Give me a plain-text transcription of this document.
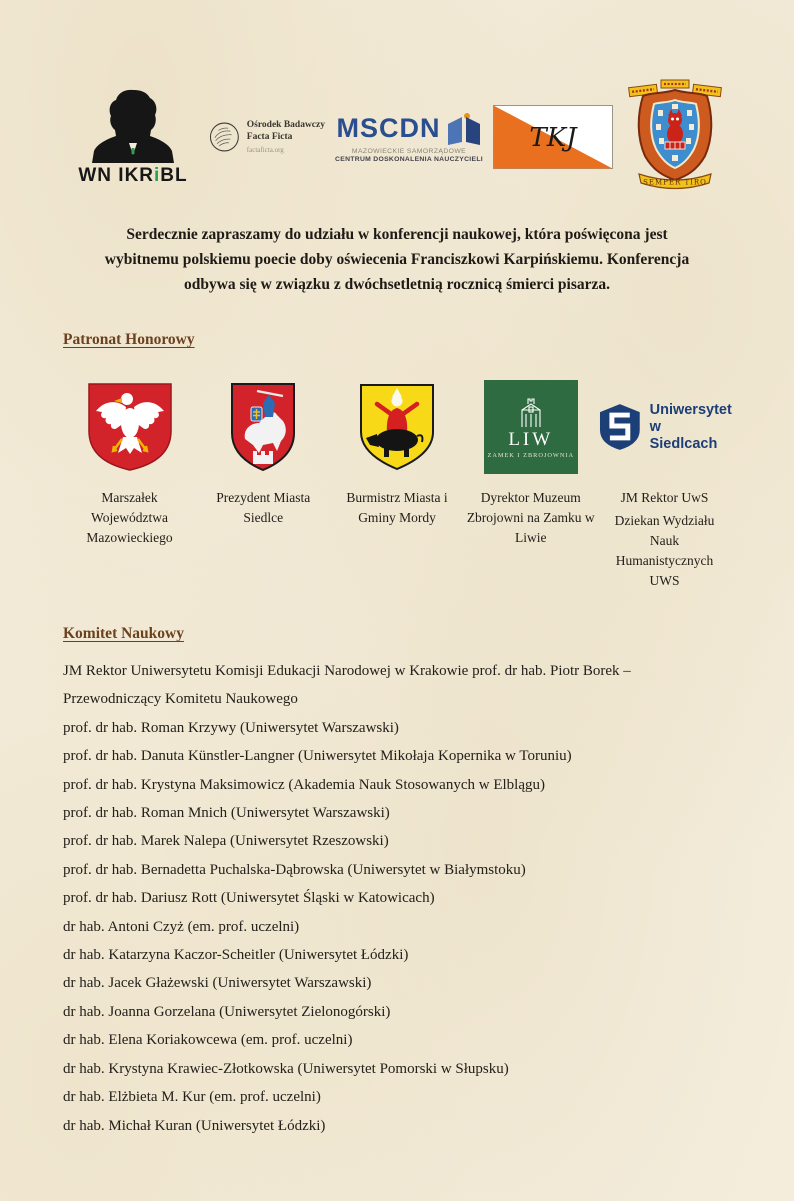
WN IKRiBL
Ośrodek Badawczy
Facta Ficta
factaficta.org
MSCDN
MAZOWIECKIE SAMORZĄDOWE
CENTRUM DOSKONALENIA NAUCZYCIELI
TKJ
SEMPER TIRO
Serdecznie zapraszamy do udziału w konferencji naukowej, która poświęcona jest wybitnemu polskiemu poecie doby oświecenia Franciszkowi Karpińskiemu. Konferencja odbywa się w związku z dwóchsetletnią rocznicą śmierci pisarza.
Patronat Honorowy
Marszałek Województwa Mazowieckiego
Prezydent Miasta Siedlce
Burmistrz Miasta i Gminy Mordy
LIW
ZAMEK I ZBROJOWNIA
Dyrektor Muzeum Zbrojowni na Zamku w Liwie
Uniwersytet
w Siedlcach
JM Rektor UwS
Dziekan Wydziału Nauk Humanistycznych UWS
Komitet Naukowy
JM Rektor Uniwersytetu Komisji Edukacji Narodowej w Krakowie prof. dr hab. Piotr Borek – Przewodniczący Komitetu Naukowego
prof. dr hab. Roman Krzywy (Uniwersytet Warszawski)
prof. dr hab. Danuta Künstler-Langner (Uniwersytet Mikołaja Kopernika w Toruniu)
prof. dr hab. Krystyna Maksimowicz (Akademia Nauk Stosowanych w Elblągu)
prof. dr hab. Roman Mnich (Uniwersytet Warszawski)
prof. dr hab. Marek Nalepa (Uniwersytet Rzeszowski)
prof. dr hab. Bernadetta Puchalska-Dąbrowska (Uniwersytet w Białymstoku)
prof. dr hab. Dariusz Rott (Uniwersytet Śląski w Katowicach)
dr hab. Antoni Czyż (em. prof. uczelni)
dr hab. Katarzyna Kaczor-Scheitler (Uniwersytet Łódzki)
dr hab. Jacek Głażewski (Uniwersytet Warszawski)
dr hab. Joanna Gorzelana (Uniwersytet Zielonogórski)
dr hab. Elena Koriakowcewa (em. prof. uczelni)
dr hab. Krystyna Krawiec-Złotkowska (Uniwersytet Pomorski w Słupsku)
dr hab. Elżbieta M. Kur (em. prof. uczelni)
dr hab. Michał Kuran (Uniwersytet Łódzki)
